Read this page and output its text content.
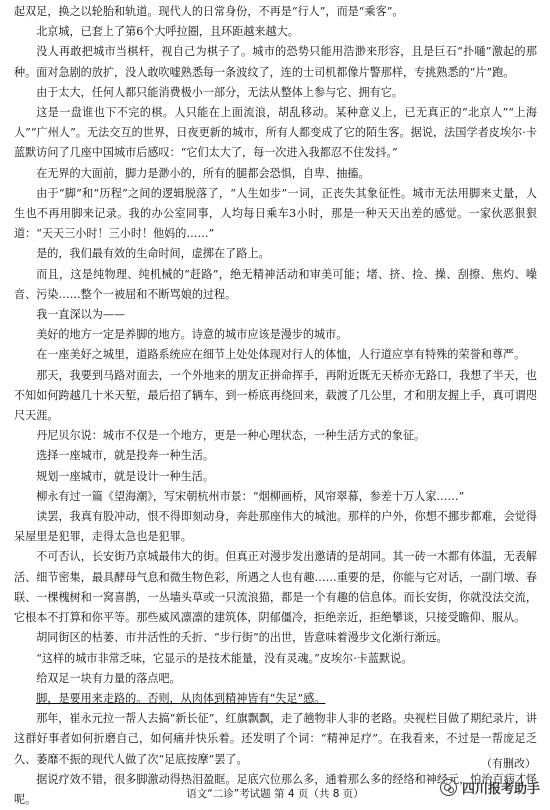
起双足，换之以轮胎和轨道。现代人的日常身份，不再是“行人”，而是“乘客”。

北京城，已套上了第6个大呼拉圈，且环距越来越大。

没人再敢把城市当棋杆，视自己为棋子了。城市的恐势只能用浩渺来形容，且是巨石“扑嗵”激起的那种。面对急剧的放扩，没人敢吹嘘熟悉每一条波纹了，连的士司机都像片警那样，专挑熟悉的“片”跑。

由于太大，任何人都只能消费极小一部分，无法从整体上参与它、拥有它。

这是一盘谁也下不完的棋。人只能在上面流浪，胡乱移动。某种意义上，已无真正的“北京人”“上海人”“广州人”。无法交互的世界，日夜更新的城市，所有人都变成了它的陌生客。据说，法国学者皮埃尔·卡蓝默访问了几座中国城市后感叹：“它们太大了，每一次进入我都忍不住发抖。”

在无界的大面前，脚力是渺小的，所有的腿都会恐惧，自卑、抽搐。

由于“脚”和“历程”之间的逻辑脱落了，“人生如步”一词，正丧失其象征性。城市无法用脚来丈量，人生也不再用脚来记录。我的办公室同事，人均每日乘车3小时，那是一种天天出差的感觉。一家伙恶狠狠道：“天天三小时！三小时！他妈的……”

是的，我们最有效的生命时间，虚掷在了路上。

而且，这是纯物理、纯机械的“赶路”，绝无精神活动和审美可能；堵、挤、捡、操、刮擦、焦灼、噪音、污染……整个一被屈和不断骂娘的过程。

我一直深以为——

美好的地方一定是养脚的地方。诗意的城市应该是漫步的城市。

在一座美好之城里，道路系统应在细节上处处体现对行人的体恤，人行道应享有特殊的荣誉和尊严。

那天，我要到马路对面去，一个外地来的朋友正拼命挥手，再附近既无天桥亦无路口，我想了半天，也不知如何跨越几十米天堑，最后招了辆车，到一桥底再绕回来，载渡了几公里，才和朋友握上手，真可谓咫尺天涯。

丹尼贝尔说：城市不仅是一个地方，更是一种心理状态，一种生活方式的象征。

选择一座城市，就是投奔一种生活。

规划一座城市，就是设计一种生活。

柳永有过一篇《望海潮》，写宋朝杭州市景：“烟柳画桥，风帘翠幕，参差十万人家……”

读罢，我真有股冲动，恨不得即刻动身，奔赴那座伟大的城池。那样的户外，你想不挪步都难，会觉得呆屋里是犯罪，走得太急也是犯罪。

不可否认，长安街乃京城最伟大的街。但真正对漫步发出邀请的是胡同。其一砖一木都有体温，无表解活、细节密集，最具酵母气息和微生物色彩，所遇之人也有趣……重要的是，你能与它对话，一副门墩、春联、一棵槐树和一窝喜鹊，一丛墙头草或一只流浪猫，都是一个有趣的信息体。而长安街，你就没法交流，它根本不打算和你平等。那些威风凛凛的建筑体，阴郁僵冷，拒绝亲近，拒绝攀谈，只接受瞻仰、服从。

胡同街区的枯萎、市井活性的夭折、“步行街”的出世，皆意味着漫步文化渐行渐远。

“这样的城市非常乏味，它显示的是技术能量，没有灵魂。”皮埃尔·卡蓝默说。

给双足一块有力量的落点吧。

脚，是要用来走路的。否则，从肉体到精神皆有“失足”感。

那年，崔永元拉一帮人去搞“新长征”，红旗飘飘，走了趟物非人非的老路。央视栏目做了期纪录片，讲这群好事者如何折磨自己，如何痛并快乐着。还发明了个词：“精神足疗”。在我看来，不过是一帮庞足乏久、萎靡不振的现代人做了次“足底按摩”罢了。

据说疗效不错，很多脚激动得热泪盈眶。足底穴位那么多，通着那么多的经络和神经元，怕治百病才怪呢。

（有删改）
语文“二诊”考试题 第 4 页（共 8 页）	四川报考助手
